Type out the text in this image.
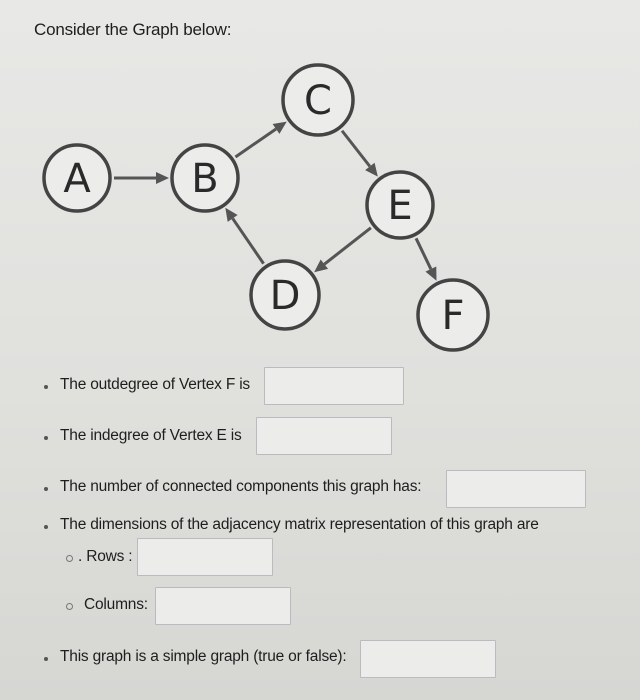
Consider the Graph below:
A	B
C
D
E
F
The outdegree of Vertex F is
The indegree of Vertex E is
The number of connected components this graph has:
The dimensions of the adjacency matrix representation of this graph are
. Rows :
Columns:
This graph is a simple graph (true or false):
